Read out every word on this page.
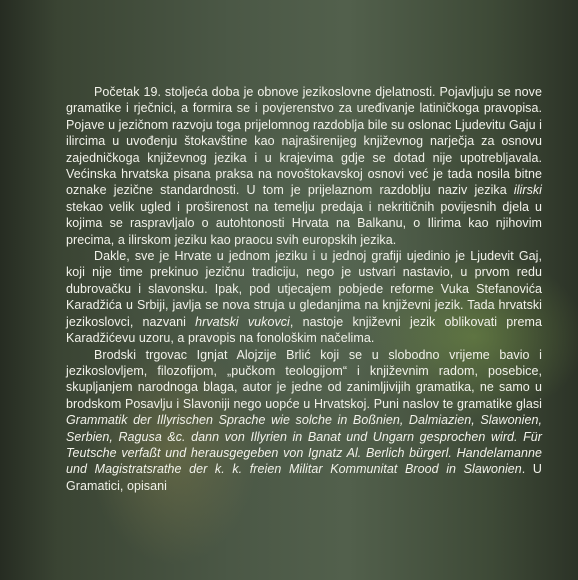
Početak 19. stoljeća doba je obnove jezikoslovne djelatnosti. Pojavljuju se nove gramatike i rječnici, a formira se i povjerenstvo za uređivanje latiničkoga pravopisa. Pojave u jezičnom razvoju toga prijelomnog razdoblja bile su oslonac Ljudevitu Gaju i ilircima u uvođenju štokavštine kao najraširenijeg književnog narječja za osnovu zajedničkoga književnog jezika i u krajevima gdje se dotad nije upotrebljavala. Većinska hrvatska pisana praksa na novoštokavskoj osnovi već je tada nosila bitne oznake jezične standardnosti. U tom je prijelaznom razdoblju naziv jezika ilirski stekao velik ugled i proširenost na temelju predaja i nekritičnih povijesnih djela u kojima se raspravljalo o autohtonosti Hrvata na Balkanu, o Ilirima kao njihovim precima, a ilirskom jeziku kao praocu svih europskih jezika.

Dakle, sve je Hrvate u jednom jeziku i u jednoj grafiji ujedinio je Ljudevit Gaj, koji nije time prekinuo jezičnu tradiciju, nego je ustvari nastavio, u prvom redu dubrovačku i slavonsku. Ipak, pod utjecajem pobjede reforme Vuka Stefanovića Karadžića u Srbiji, javlja se nova struja u gledanjima na književni jezik. Tada hrvatski jezikoslovci, nazvani hrvatski vukovci, nastoje književni jezik oblikovati prema Karadžićevu uzoru, a pravopis na fonološkim načelima.

Brodski trgovac Ignjat Alojzije Brlić koji se u slobodno vrijeme bavio i jezikoslovljem, filozofijom, „pučkom teologijom“ i književnim radom, posebice, skupljanjem narodnoga blaga, autor je jedne od zanimljivijih gramatika, ne samo u brodskom Posavlju i Slavoniji nego uopće u Hrvatskoj. Puni naslov te gramatike glasi Grammatik der Illyrischen Sprache wie solche in Boßnien, Dalmiazien, Slawonien, Serbien, Ragusa &c. dann von Illyrien in Banat und Ungarn gesprochen wird. Für Teutsche verfaßt und herausgegeben von Ignatz Al. Berlich bürgerl. Handelamanne und Magistratsrathe der k. k. freien Militar Kommunitat Brood in Slawonien. U Gramatici, opisani
